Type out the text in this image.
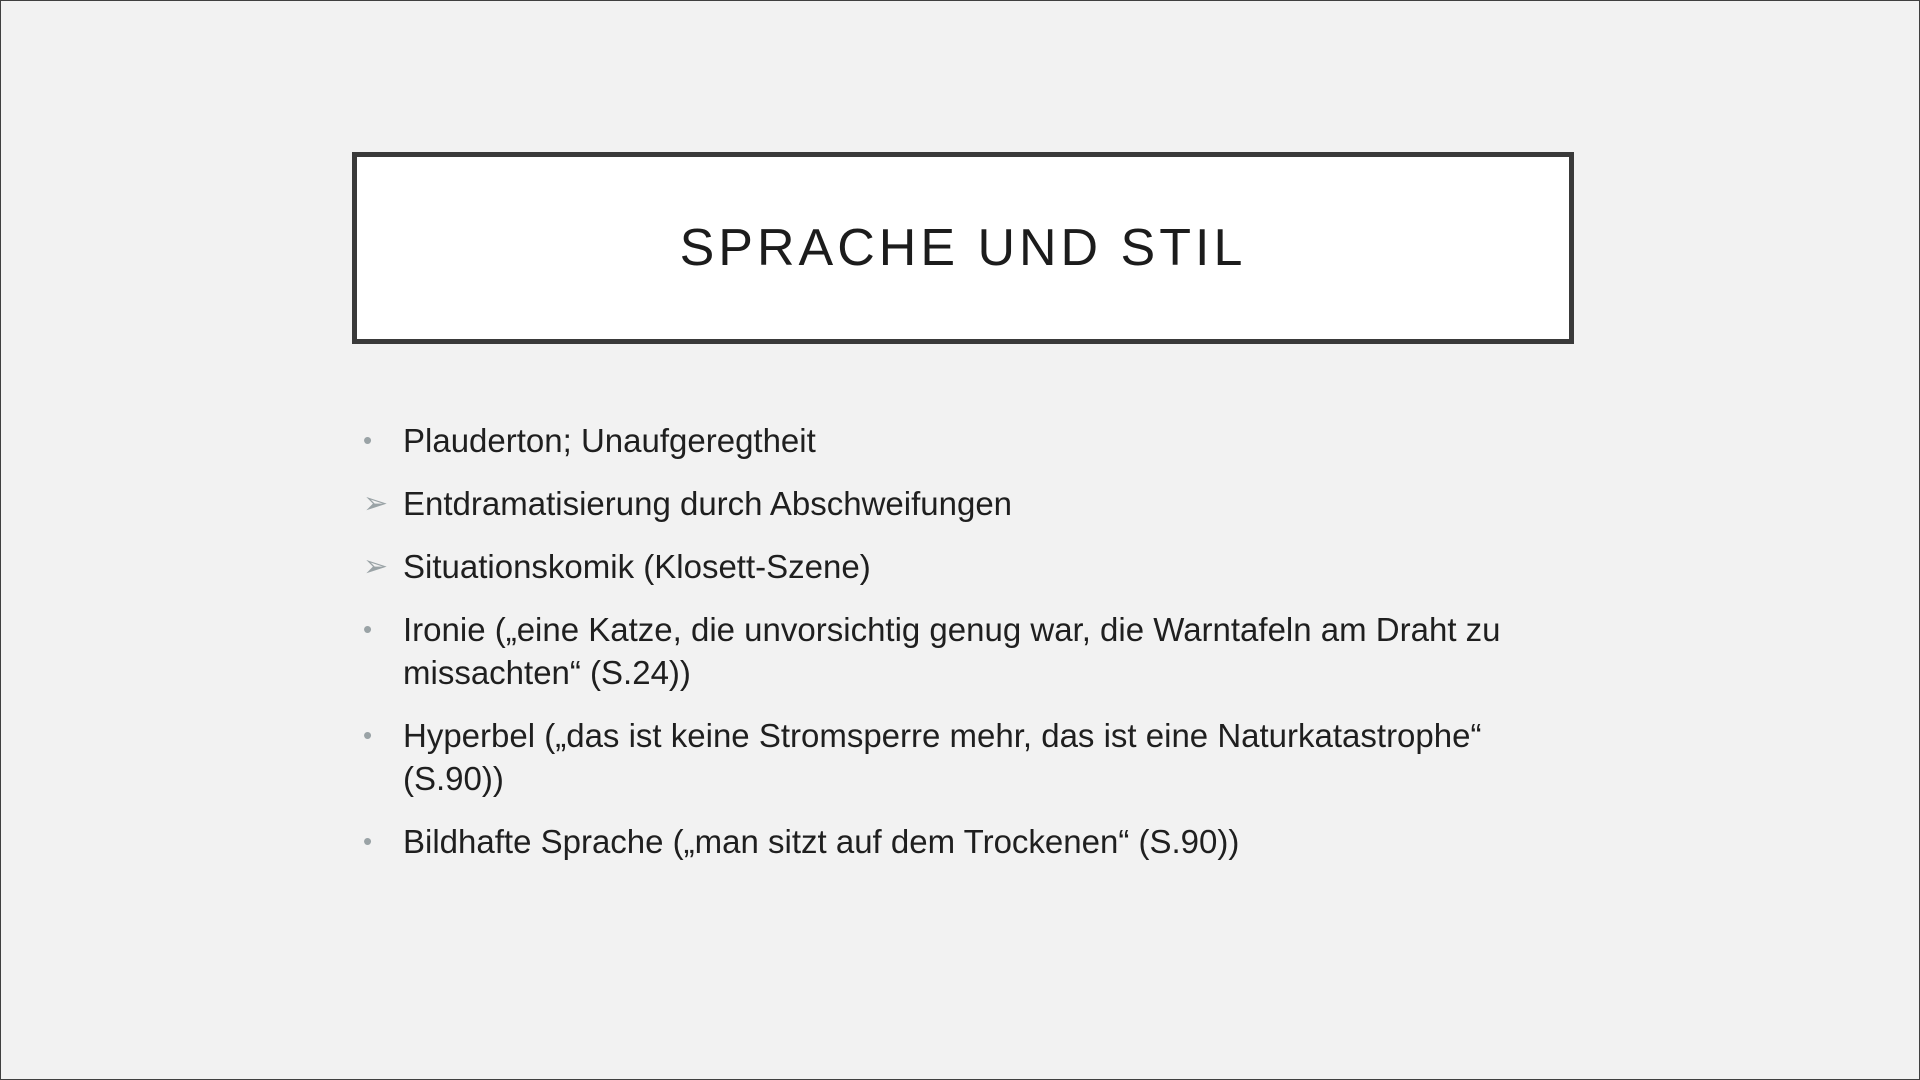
SPRACHE UND STIL
• Plauderton; Unaufgeregtheit
➢ Entdramatisierung durch Abschweifungen
➢ Situationskomik (Klosett-Szene)
• Ironie („eine Katze, die unvorsichtig genug war, die Warntafeln am Draht zu missachten“ (S.24))
• Hyperbel („das ist keine Stromsperre mehr, das ist eine Naturkatastrophe“ (S.90))
• Bildhafte Sprache („man sitzt auf dem Trockenen“ (S.90))
